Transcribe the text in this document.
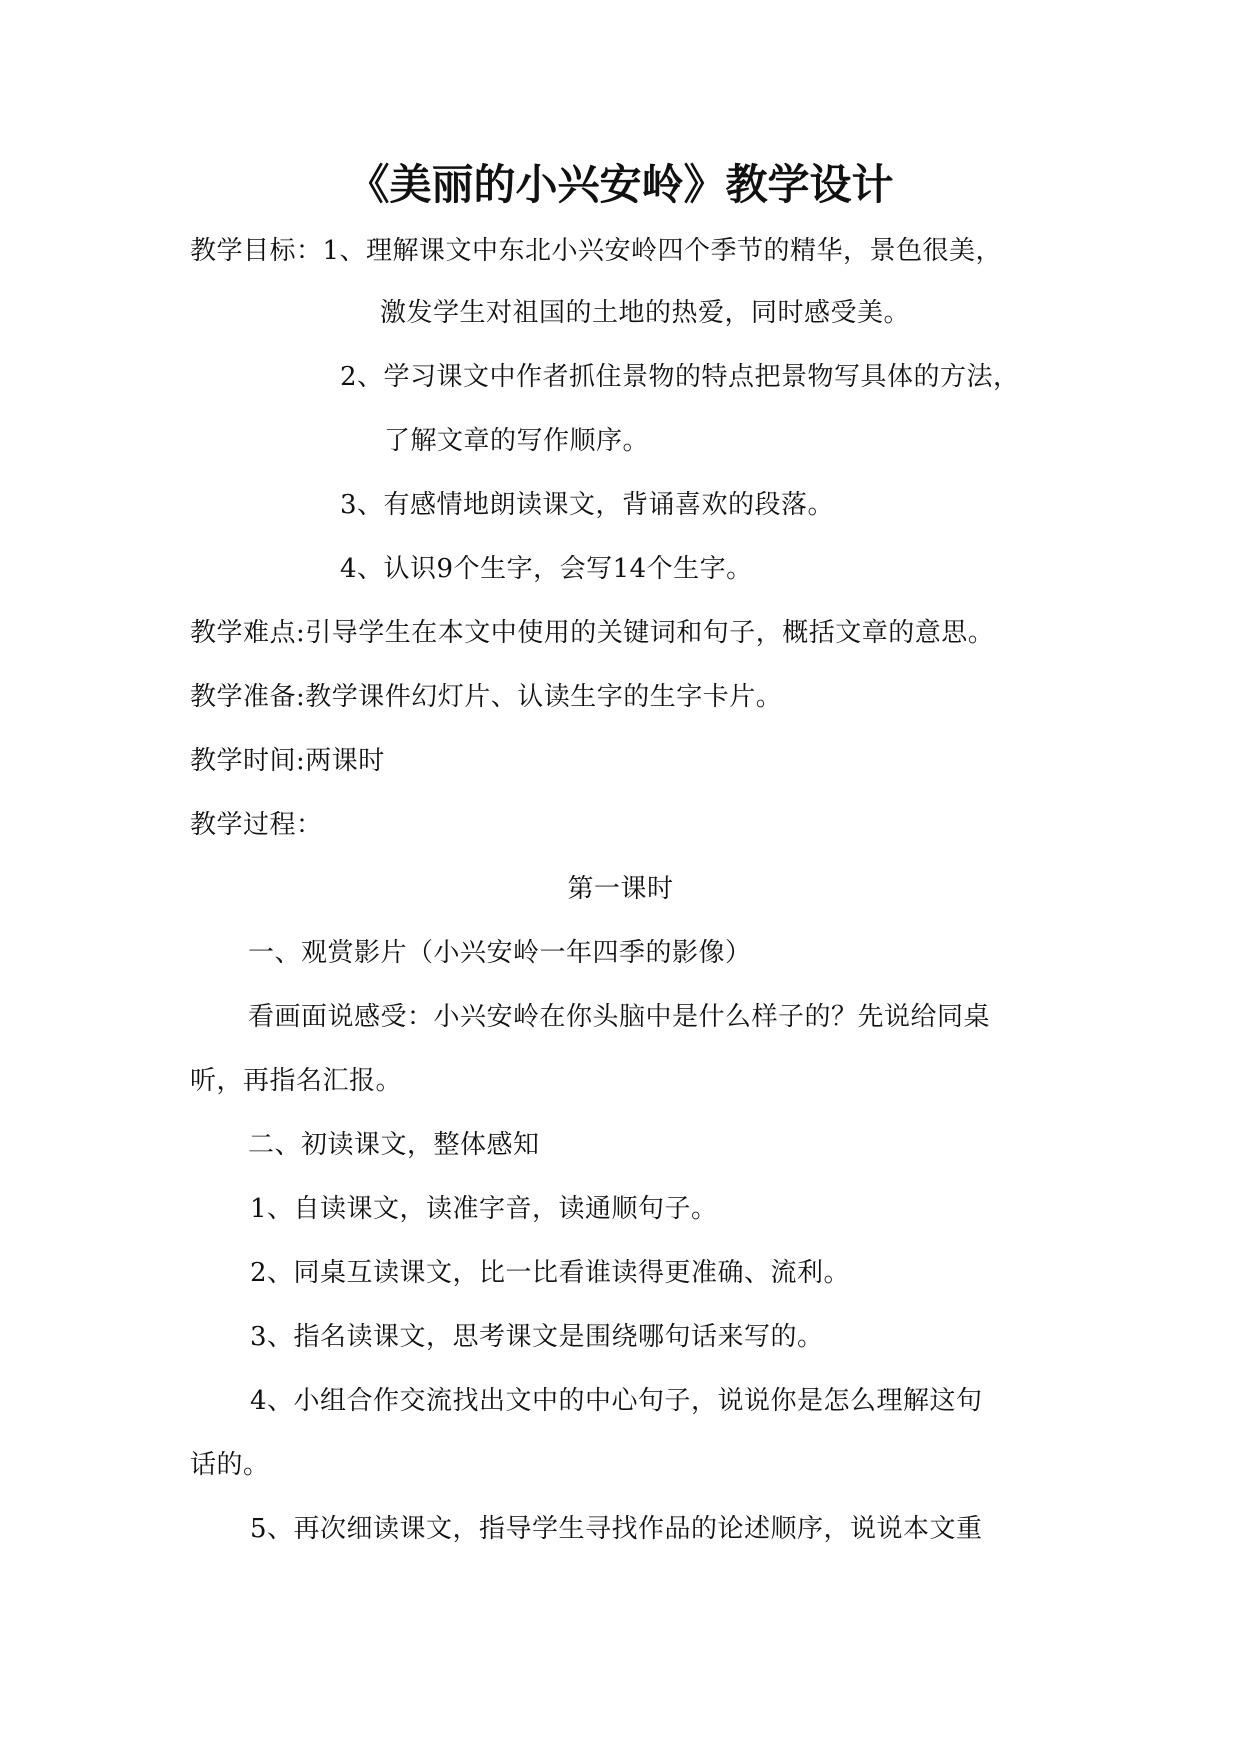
《美丽的小兴安岭》教学设计
教学目标：1、理解课文中东北小兴安岭四个季节的精华，景色很美，
激发学生对祖国的土地的热爱，同时感受美。
2、学习课文中作者抓住景物的特点把景物写具体的方法，
了解文章的写作顺序。
3、有感情地朗读课文，背诵喜欢的段落。
4、认识9个生字，会写14个生字。
教学难点:引导学生在本文中使用的关键词和句子，概括文章的意思。
教学准备:教学课件幻灯片、认读生字的生字卡片。
教学时间:两课时
教学过程：
第一课时
一、观赏影片（小兴安岭一年四季的影像）
看画面说感受：小兴安岭在你头脑中是什么样子的？先说给同桌
听，再指名汇报。
二、初读课文，整体感知
1、自读课文，读准字音，读通顺句子。
2、同桌互读课文，比一比看谁读得更准确、流利。
3、指名读课文，思考课文是围绕哪句话来写的。
4、小组合作交流找出文中的中心句子，说说你是怎么理解这句
话的。
5、再次细读课文，指导学生寻找作品的论述顺序，说说本文重
